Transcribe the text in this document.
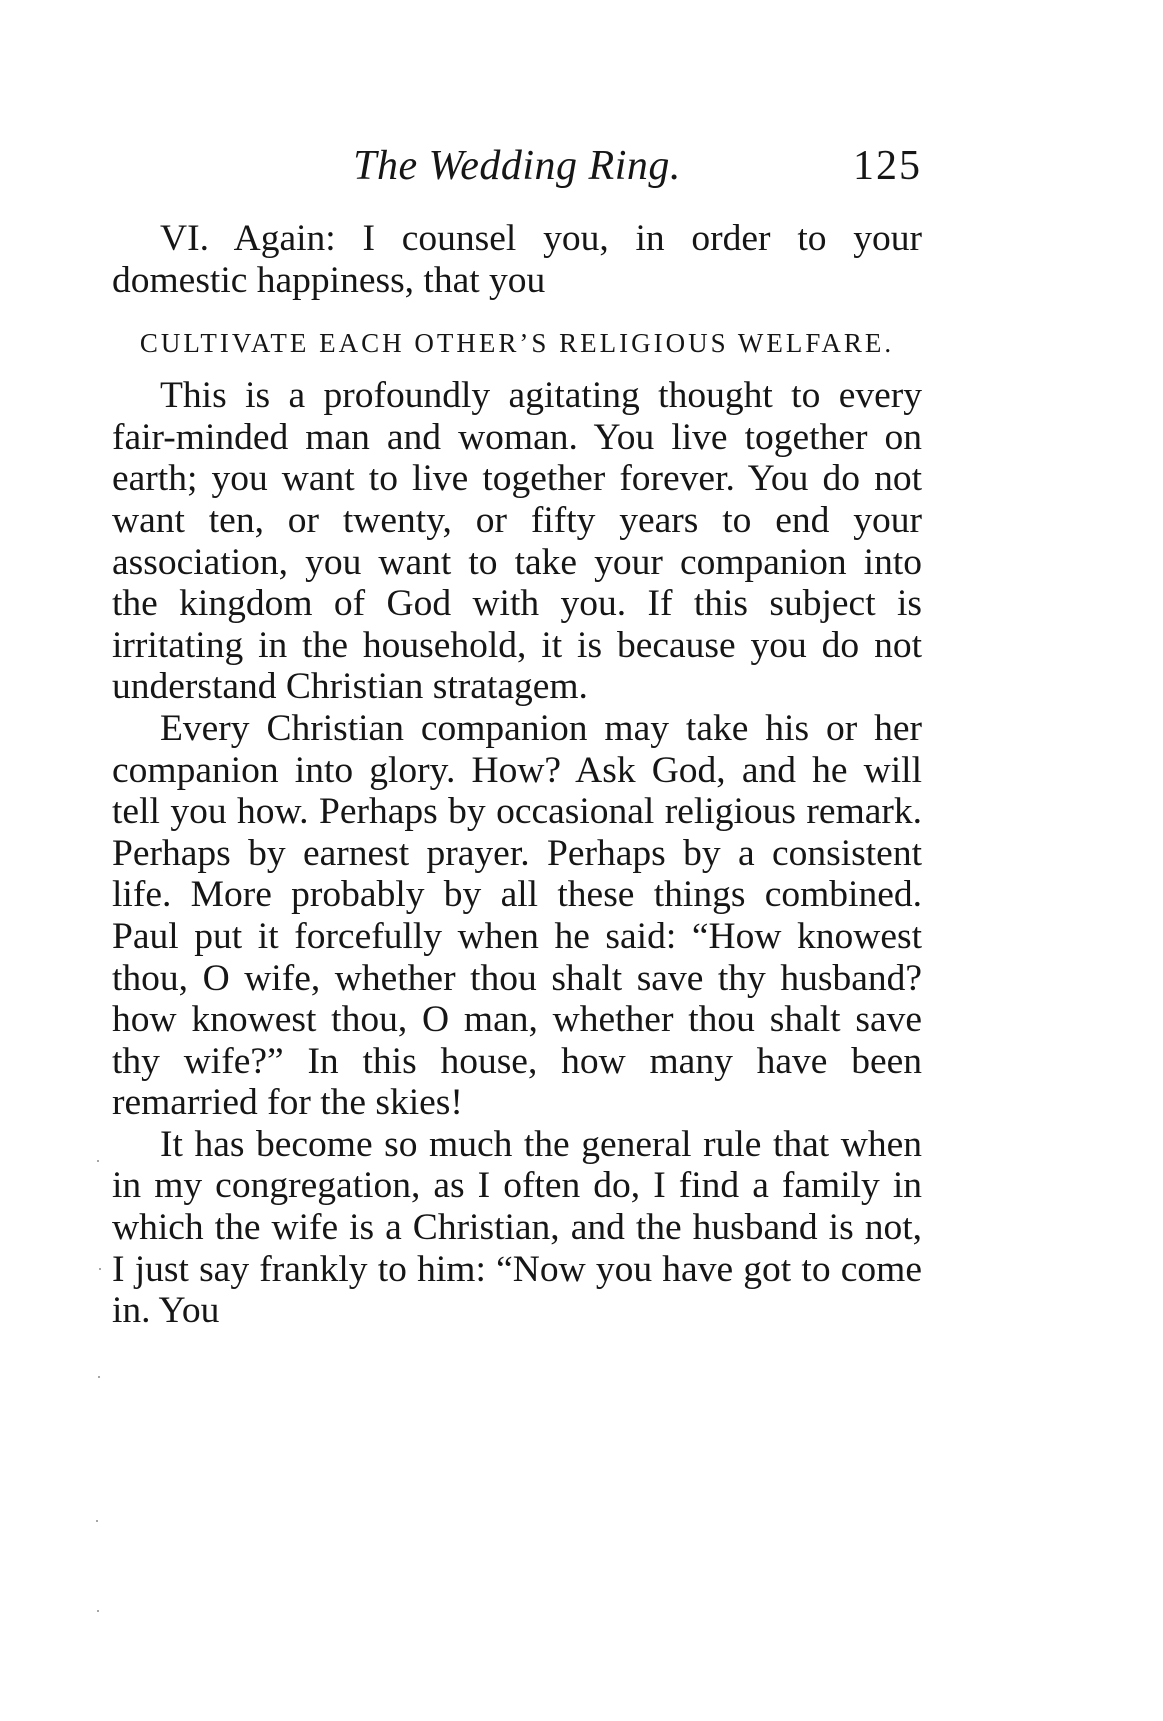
The Wedding Ring.	125

VI. Again: I counsel you, in order to your domestic happiness, that you

CULTIVATE EACH OTHER’S RELIGIOUS WELFARE.

This is a profoundly agitating thought to every fair-minded man and woman. You live together on earth; you want to live together forever. You do not want ten, or twenty, or fifty years to end your association, you want to take your companion into the kingdom of God with you. If this subject is irritating in the household, it is because you do not understand Christian stratagem.

Every Christian companion may take his or her companion into glory. How? Ask God, and he will tell you how. Perhaps by occasional religious remark. Perhaps by earnest prayer. Perhaps by a consistent life. More probably by all these things combined. Paul put it forcefully when he said: “How knowest thou, O wife, whether thou shalt save thy husband? how knowest thou, O man, whether thou shalt save thy wife?” In this house, how many have been remarried for the skies!

It has become so much the general rule that when in my congregation, as I often do, I find a family in which the wife is a Christian, and the husband is not, I just say frankly to him: “Now you have got to come in. You
